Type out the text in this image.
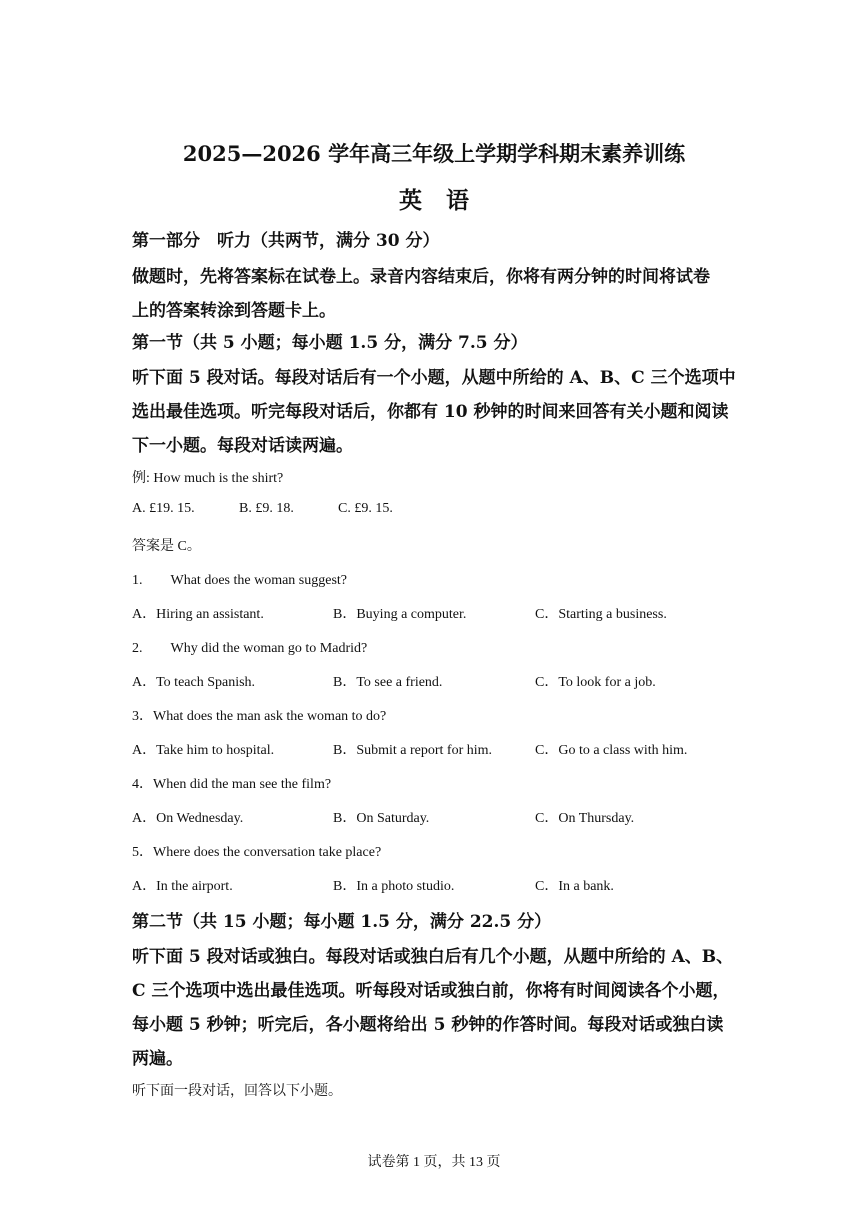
2025—2026 学年高三年级上学期学科期末素养训练
英语
第一部分　听力（共两节，满分 30 分）
做题时，先将答案标在试卷上。录音内容结束后，你将有两分钟的时间将试卷
上的答案转涂到答题卡上。
第一节（共 5 小题；每小题 1.5 分，满分 7.5 分）
听下面 5 段对话。每段对话后有一个小题，从题中所给的 A、B、C 三个选项中
选出最佳选项。听完每段对话后，你都有 10 秒钟的时间来回答有关小题和阅读
下一小题。每段对话读两遍。
例: How much is the shirt?
A. £19. 15.	B. £9. 18.	C. £9. 15.
答案是 C。
1.　　What does the woman suggest?
A．Hiring an assistant.	B．Buying a computer.	C．Starting a business.
2.　　Why did the woman go to Madrid?
A．To teach Spanish.	B．To see a friend.	C．To look for a job.
3．What does the man ask the woman to do?
A．Take him to hospital.	B．Submit a report for him.	C．Go to a class with him.
4．When did the man see the film?
A．On Wednesday.	B．On Saturday.	C．On Thursday.
5．Where does the conversation take place?
A．In the airport.	B．In a photo studio.	C．In a bank.
第二节（共 15 小题；每小题 1.5 分，满分 22.5 分）
听下面 5 段对话或独白。每段对话或独白后有几个小题，从题中所给的 A、B、
C 三个选项中选出最佳选项。听每段对话或独白前，你将有时间阅读各个小题，
每小题 5 秒钟；听完后，各小题将给出 5 秒钟的作答时间。每段对话或独白读
两遍。
听下面一段对话，回答以下小题。
试卷第 1 页，共 13 页
